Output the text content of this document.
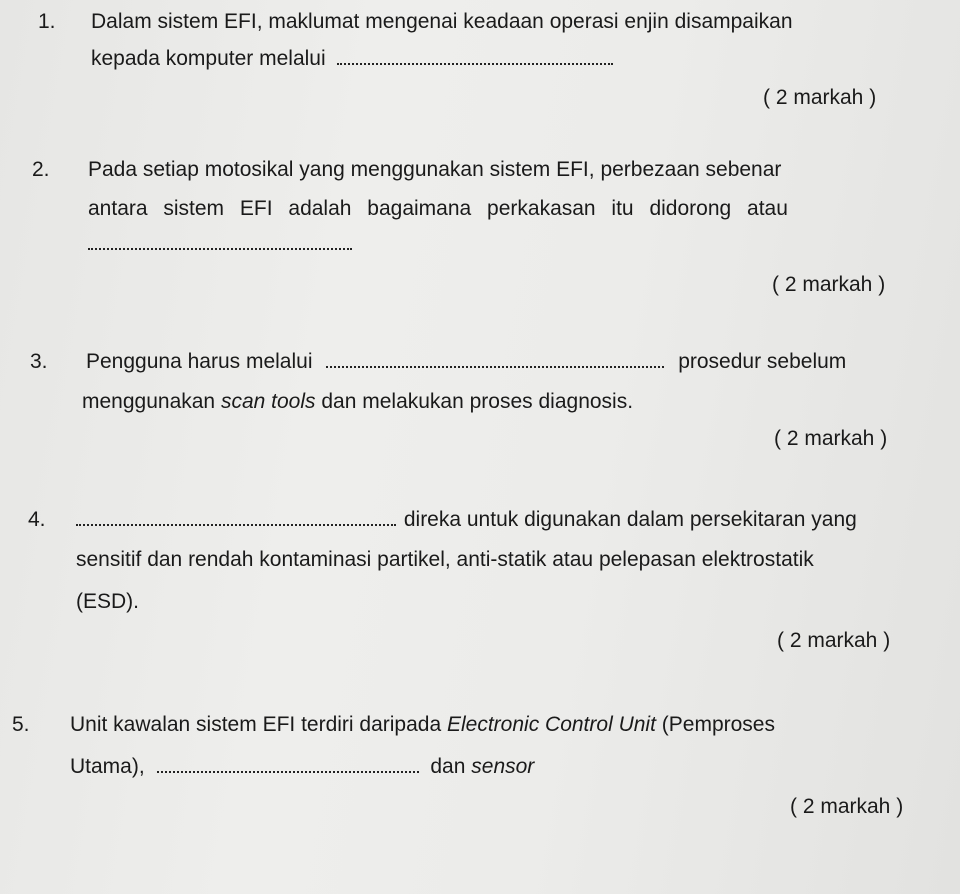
1. Dalam sistem EFI, maklumat mengenai keadaan operasi enjin disampaikan
kepada komputer melalui
( 2 markah )
2. Pada setiap motosikal yang menggunakan sistem EFI, perbezaan sebenar
antara sistem EFI adalah bagaimana perkakasan itu didorong atau
( 2 markah )
3. Pengguna harus melalui	prosedur sebelum
menggunakan scan tools dan melakukan proses diagnosis.
( 2 markah )
4.	direka untuk digunakan dalam persekitaran yang
sensitif dan rendah kontaminasi partikel, anti-statik atau pelepasan elektrostatik
(ESD).
( 2 markah )
5. Unit kawalan sistem EFI terdiri daripada Electronic Control Unit (Pemproses
Utama),	dan sensor
( 2 markah )
